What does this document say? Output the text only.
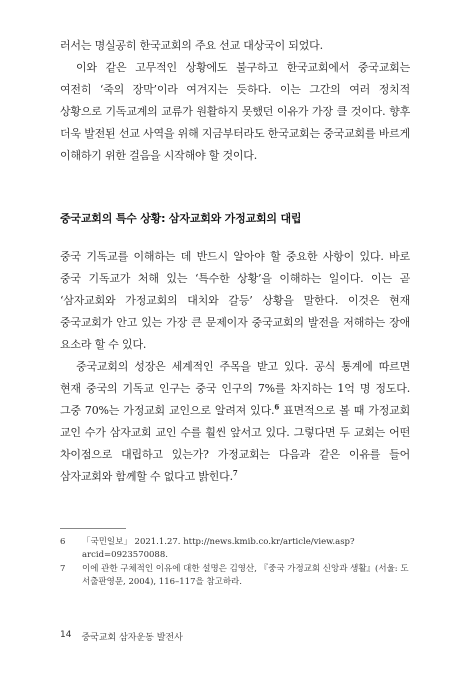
러서는 명실공히 한국교회의 주요 선교 대상국이 되었다.

이와 같은 고무적인 상황에도 불구하고 한국교회에서 중국교회는 여전히 ‘죽의 장막’이라 여겨지는 듯하다. 이는 그간의 여러 정치적 상황으로 기독교계의 교류가 원활하지 못했던 이유가 가장 클 것이다. 향후 더욱 발전된 선교 사역을 위해 지금부터라도 한국교회는 중국교회를 바르게 이해하기 위한 걸음을 시작해야 할 것이다.

중국교회의 특수 상황: 삼자교회와 가정교회의 대립

중국 기독교를 이해하는 데 반드시 알아야 할 중요한 사항이 있다. 바로 중국 기독교가 처해 있는 ‘특수한 상황’을 이해하는 일이다. 이는 곧 ‘삼자교회와 가정교회의 대치와 갈등’ 상황을 말한다. 이것은 현재 중국교회가 안고 있는 가장 큰 문제이자 중국교회의 발전을 저해하는 장애 요소라 할 수 있다.

중국교회의 성장은 세계적인 주목을 받고 있다. 공식 통계에 따르면 현재 중국의 기독교 인구는 중국 인구의 7%를 차지하는 1억 명 정도다. 그중 70%는 가정교회 교인으로 알려져 있다.$^6$ 표면적으로 볼 때 가정교회 교인 수가 삼자교회 교인 수를 훨씬 앞서고 있다. 그렇다면 두 교회는 어떤 차이점으로 대립하고 있는가? 가정교회는 다음과 같은 이유를 들어 삼자교회와 함께할 수 없다고 밝힌다.$^7$

6	「국민일보」 2021.1.27. http://news.kmib.co.kr/article/view.asp?arcid=0923570088.
7	이에 관한 구체적인 이유에 대한 설명은 김영산, 『중국 가정교회 신앙과 생활』(서울: 도서출판영문, 2004), 116–117을 참고하라.
14 중국교회 삼자운동 발전사
